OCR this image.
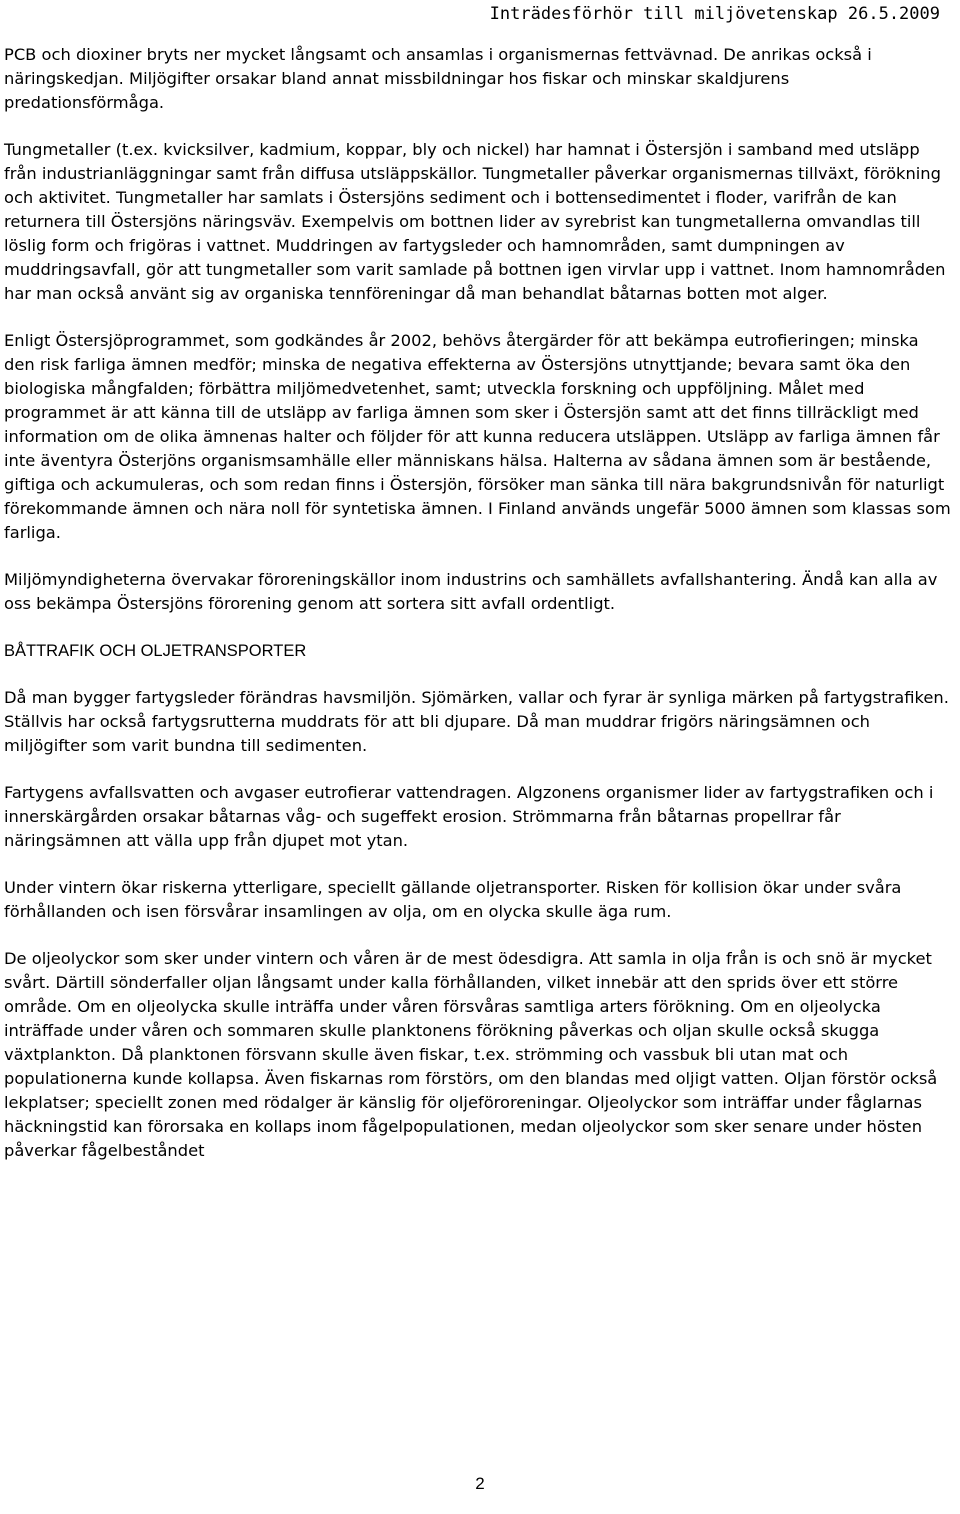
Inträdesförhör till miljövetenskap 26.5.2009

PCB och dioxiner bryts ner mycket långsamt och ansamlas i organismernas fettvävnad. De anrikas också i näringskedjan. Miljögifter orsakar bland annat missbildningar hos fiskar och minskar skaldjurens predationsförmåga.

Tungmetaller (t.ex. kvicksilver, kadmium, koppar, bly och nickel) har hamnat i Östersjön i samband med utsläpp från industrianläggningar samt från diffusa utsläppskällor. Tungmetaller påverkar organismernas tillväxt, förökning och aktivitet. Tungmetaller har samlats i Östersjöns sediment och i bottensedimentet i floder, varifrån de kan returnera till Östersjöns näringsväv. Exempelvis om bottnen lider av syrebrist kan tungmetallerna omvandlas till löslig form och frigöras i vattnet. Muddringen av fartygsleder och hamnområden, samt dumpningen av muddringsavfall, gör att tungmetaller som varit samlade på bottnen igen virvlar upp i vattnet. Inom hamnområden har man också använt sig av organiska tennföreningar då man behandlat båtarnas botten mot alger.

Enligt Östersjöprogrammet, som godkändes år 2002, behövs återgärder för att bekämpa eutrofieringen; minska den risk farliga ämnen medför; minska de negativa effekterna av Östersjöns utnyttjande; bevara samt öka den biologiska mångfalden; förbättra miljömedvetenhet, samt; utveckla forskning och uppföljning. Målet med programmet är att känna till de utsläpp av farliga ämnen som sker i Östersjön samt att det finns tillräckligt med information om de olika ämnenas halter och följder för att kunna reducera utsläppen. Utsläpp av farliga ämnen får inte äventyra Österjöns organismsamhälle eller människans hälsa. Halterna av sådana ämnen som är bestående, giftiga och ackumuleras, och som redan finns i Östersjön, försöker man sänka till nära bakgrundsnivån för naturligt förekommande ämnen och nära noll för syntetiska ämnen. I Finland används ungefär 5000 ämnen som klassas som farliga.

Miljömyndigheterna övervakar föroreningskällor inom industrins och samhällets avfallshantering. Ändå kan alla av oss bekämpa Östersjöns förorening genom att sortera sitt avfall ordentligt.

BÅTTRAFIK OCH OLJETRANSPORTER

Då man bygger fartygsleder förändras havsmiljön. Sjömärken, vallar och fyrar är synliga märken på fartygstrafiken. Ställvis har också fartygsrutterna muddrats för att bli djupare. Då man muddrar frigörs näringsämnen och miljögifter som varit bundna till sedimenten.

Fartygens avfallsvatten och avgaser eutrofierar vattendragen. Algzonens organismer lider av fartygstrafiken och i innerskärgården orsakar båtarnas våg- och sugeffekt erosion. Strömmarna från båtarnas propellrar får näringsämnen att välla upp från djupet mot ytan.

Under vintern ökar riskerna ytterligare, speciellt gällande oljetransporter. Risken för kollision ökar under svåra förhållanden och isen försvårar insamlingen av olja, om en olycka skulle äga rum.

De oljeolyckor som sker under vintern och våren är de mest ödesdigra. Att samla in olja från is och snö är mycket svårt. Därtill sönderfaller oljan långsamt under kalla förhållanden, vilket innebär att den sprids över ett större område. Om en oljeolycka skulle inträffa under våren försvåras samtliga arters förökning. Om en oljeolycka inträffade under våren och sommaren skulle planktonens förökning påverkas och oljan skulle också skugga växtplankton. Då planktonen försvann skulle även fiskar, t.ex. strömming och vassbuk bli utan mat och populationerna kunde kollapsa. Även fiskarnas rom förstörs, om den blandas med oljigt vatten. Oljan förstör också lekplatser; speciellt zonen med rödalger är känslig för oljeföroreningar. Oljeolyckor som inträffar under fåglarnas häckningstid kan förorsaka en kollaps inom fågelpopulationen, medan oljeolyckor som sker senare under hösten påverkar fågelbeståndet

2
